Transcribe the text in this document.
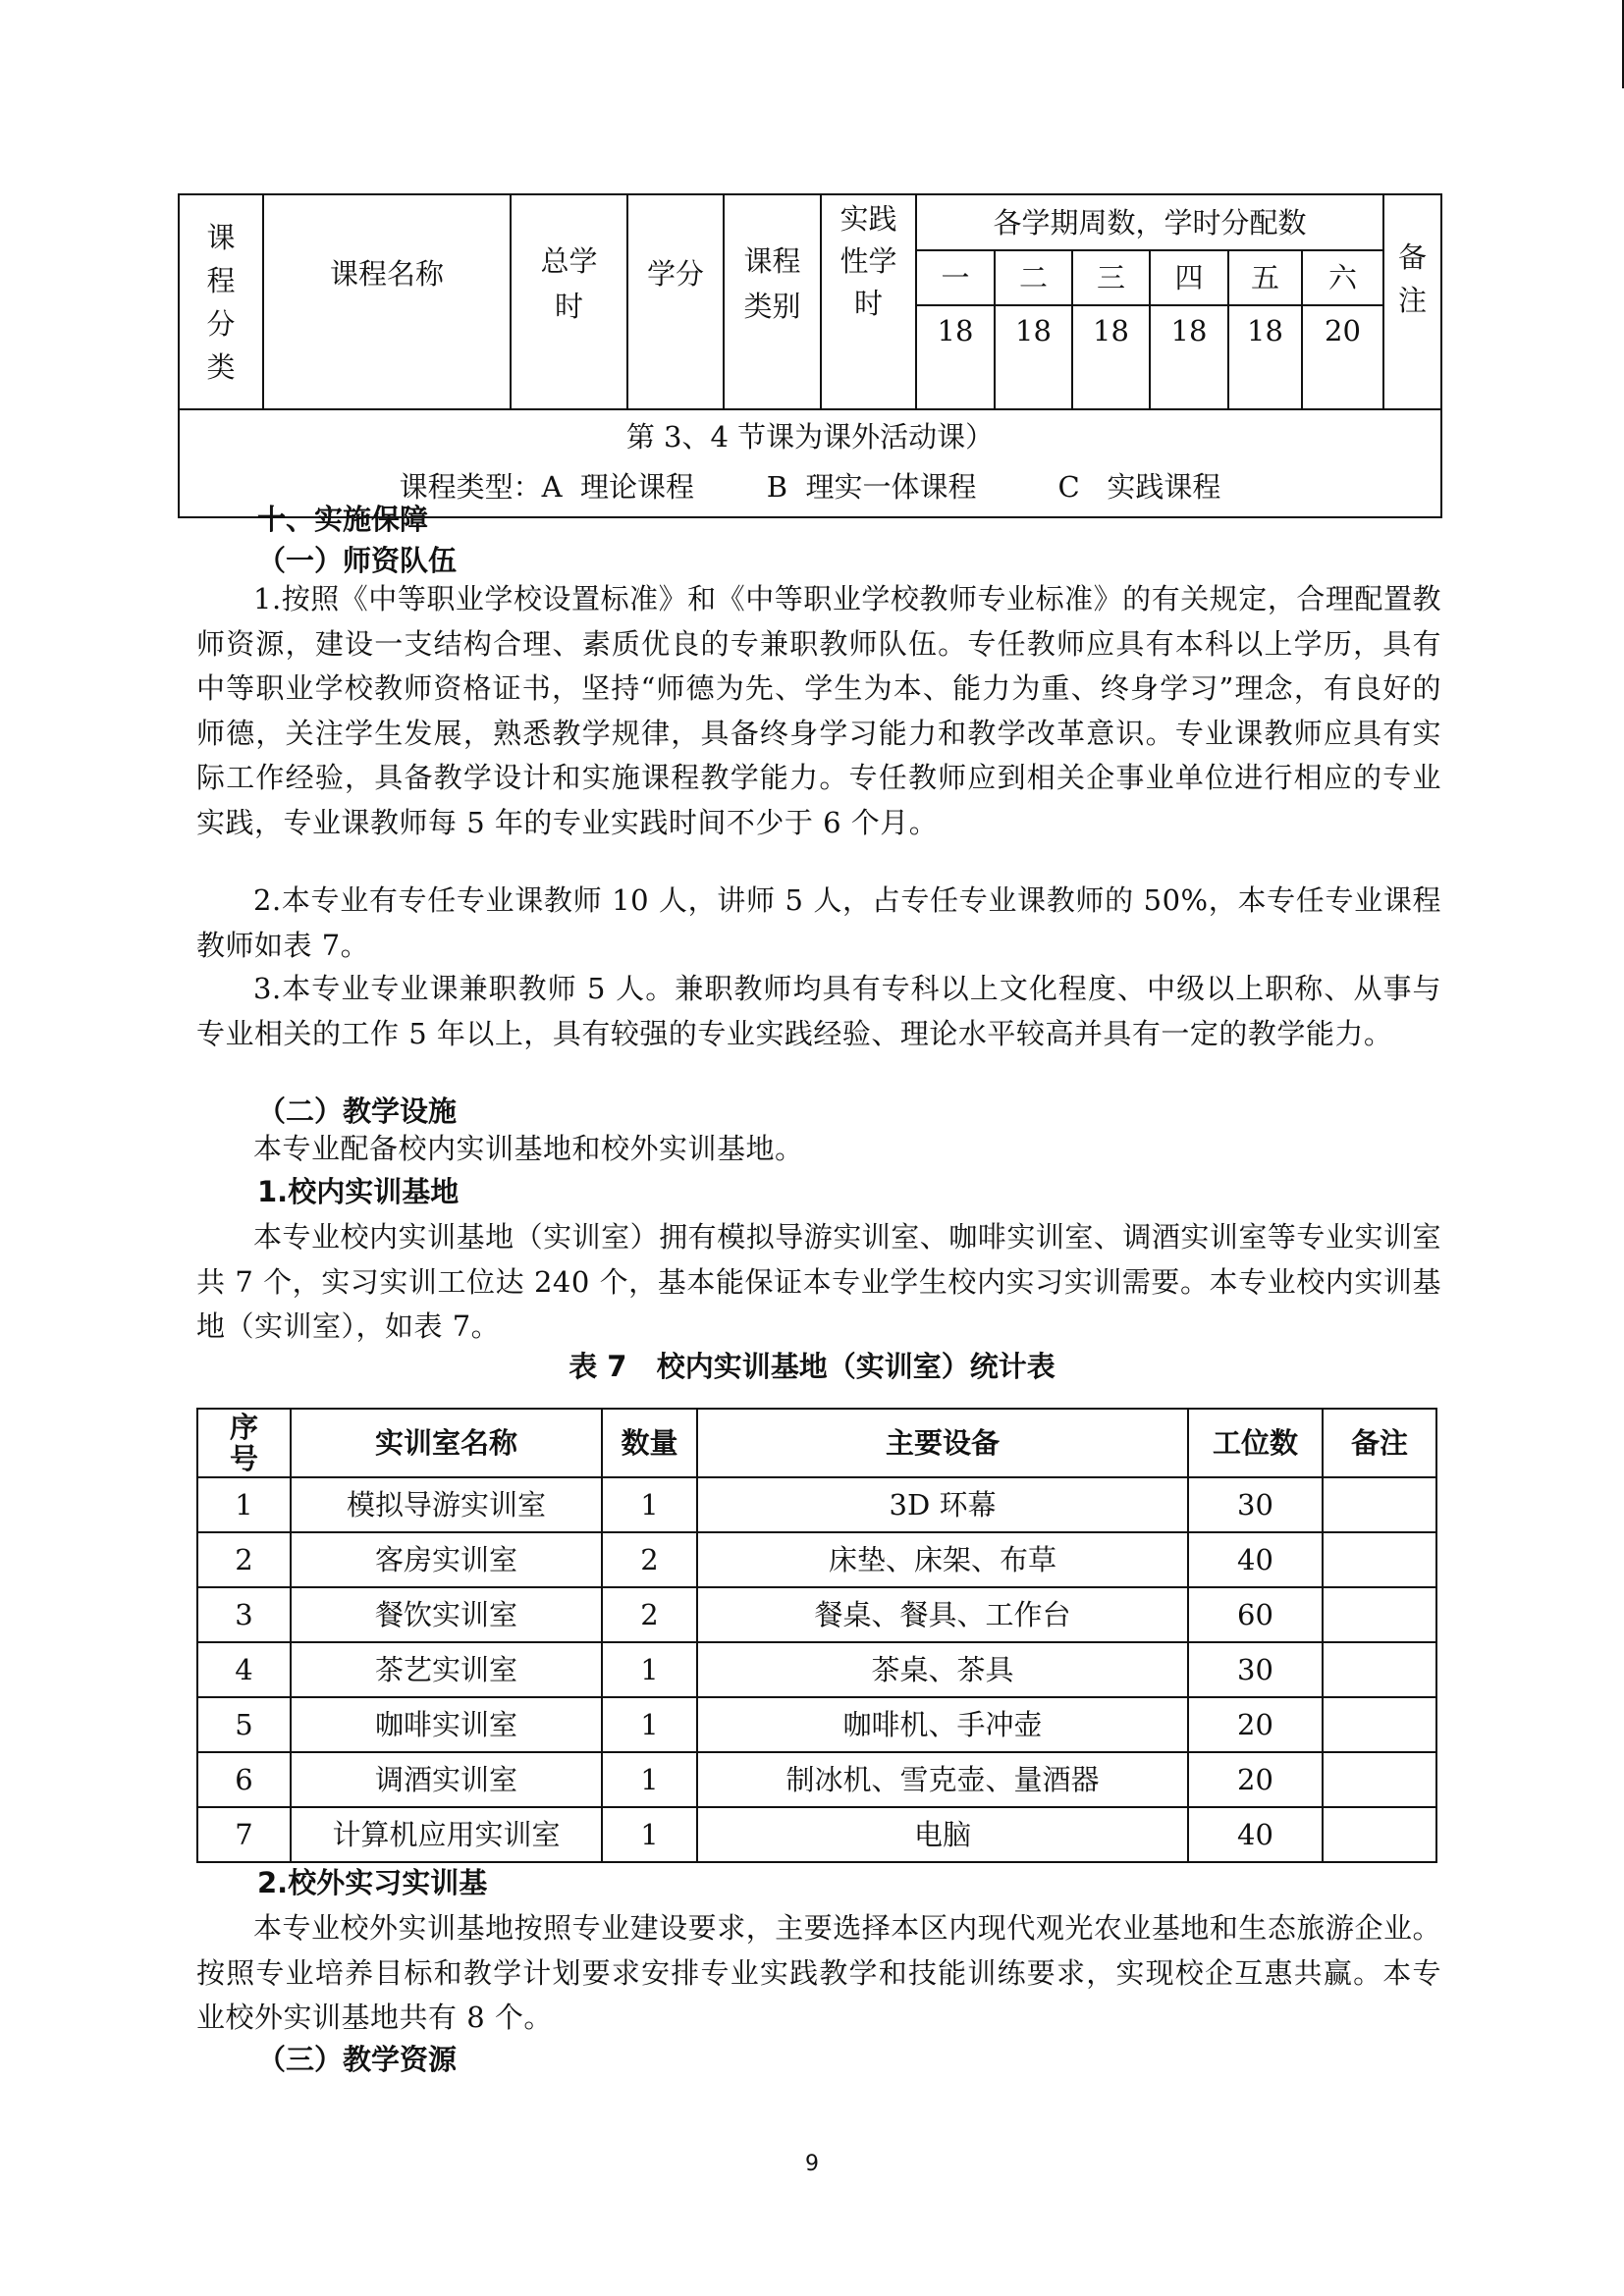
课
程
分
类
课程名称	总学
时
学分	课程
类别
实践
性学
时
各学期周数，学时分配数
备
注
一	二	三	四	五	六
18	18	18	18	18	20
第 3、4 节课为课外活动课）
课程类型：A  理论课程        B  理实一体课程         C   实践课程
十、实施保障
（一）师资队伍
1.按照《中等职业学校设置标准》和《中等职业学校教师专业标准》的有关规定，合理配置教师资源，建设一支结构合理、素质优良的专兼职教师队伍。专任教师应具有本科以上学历，具有中等职业学校教师资格证书，坚持“师德为先、学生为本、能力为重、终身学习”理念，有良好的师德，关注学生发展，熟悉教学规律，具备终身学习能力和教学改革意识。专业课教师应具有实际工作经验，具备教学设计和实施课程教学能力。专任教师应到相关企事业单位进行相应的专业实践，专业课教师每 5 年的专业实践时间不少于 6 个月。
2.本专业有专任专业课教师 10 人，讲师 5 人，占专任专业课教师的 50%，本专任专业课程教师如表 7。
3.本专业专业课兼职教师 5 人。兼职教师均具有专科以上文化程度、中级以上职称、从事与专业相关的工作 5 年以上，具有较强的专业实践经验、理论水平较高并具有一定的教学能力。
（二）教学设施
本专业配备校内实训基地和校外实训基地。
1.校内实训基地
本专业校内实训基地（实训室）拥有模拟导游实训室、咖啡实训室、调酒实训室等专业实训室共 7 个，实习实训工位达 240 个，基本能保证本专业学生校内实习实训需要。本专业校内实训基地（实训室），如表 7。
表 7   校内实训基地（实训室）统计表
序
号	实训室名称	数量	主要设备	工位数	备注
1	模拟导游实训室	1	3D 环幕	30
2	客房实训室	2	床垫、床架、布草	40
3	餐饮实训室	2	餐桌、餐具、工作台	60
4	茶艺实训室	1	茶桌、茶具	30
5	咖啡实训室	1	咖啡机、手冲壶	20
6	调酒实训室	1	制冰机、雪克壶、量酒器	20
7	计算机应用实训室	1	电脑	40
2.校外实习实训基
本专业校外实训基地按照专业建设要求，主要选择本区内现代观光农业基地和生态旅游企业。按照专业培养目标和教学计划要求安排专业实践教学和技能训练要求，实现校企互惠共赢。本专业校外实训基地共有 8 个。
（三）教学资源
9
